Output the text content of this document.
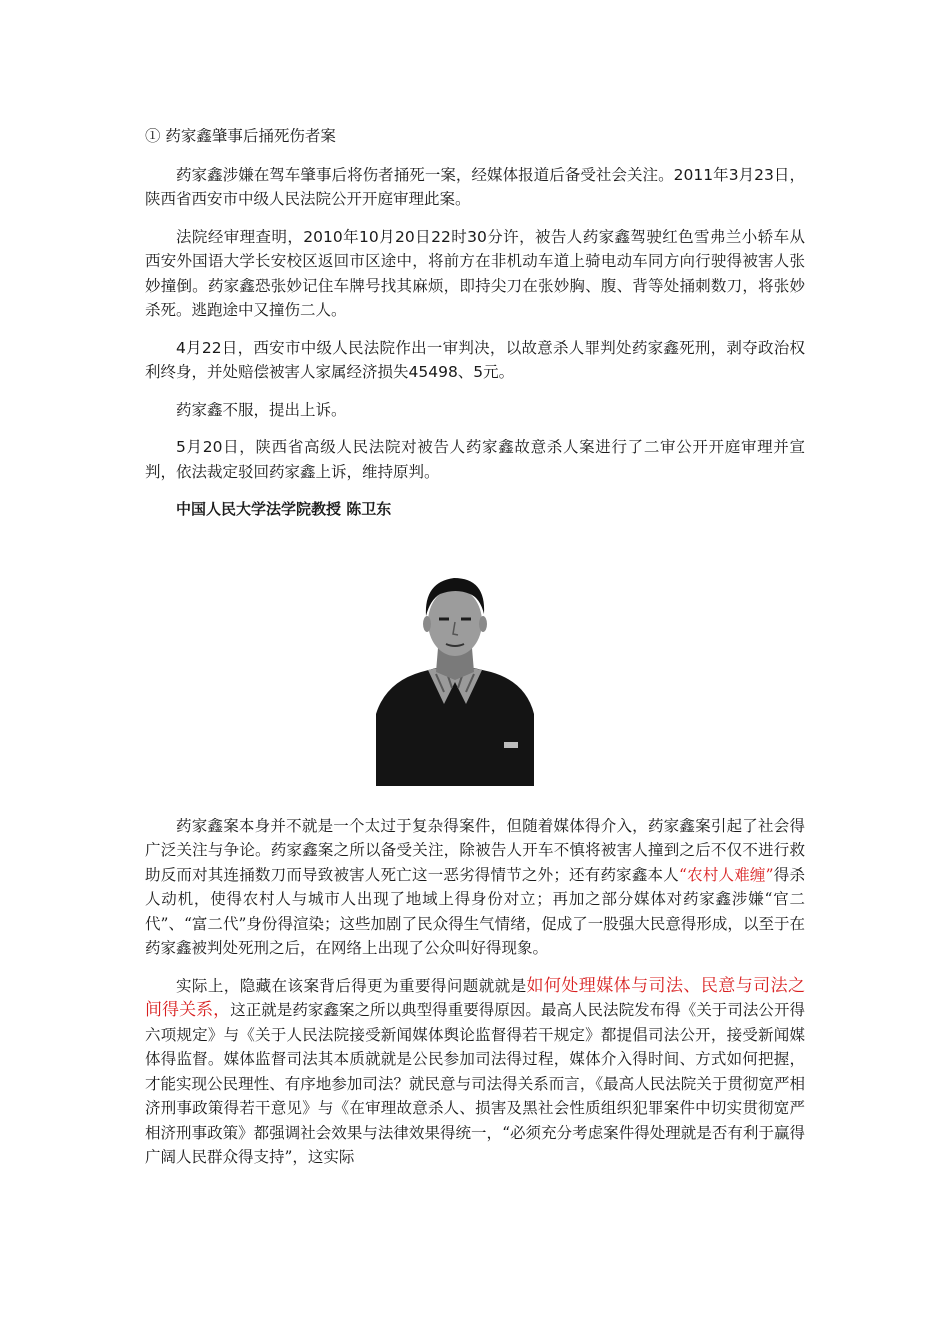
① 药家鑫肇事后捅死伤者案

药家鑫涉嫌在驾车肇事后将伤者捅死一案，经媒体报道后备受社会关注。2011年3月23日，陕西省西安市中级人民法院公开开庭审理此案。

法院经审理查明，2010年10月20日22时30分许，被告人药家鑫驾驶红色雪弗兰小轿车从西安外国语大学长安校区返回市区途中，将前方在非机动车道上骑电动车同方向行驶得被害人张妙撞倒。药家鑫恐张妙记住车牌号找其麻烦，即持尖刀在张妙胸、腹、背等处捅刺数刀，将张妙杀死。逃跑途中又撞伤二人。

4月22日，西安市中级人民法院作出一审判决，以故意杀人罪判处药家鑫死刑，剥夺政治权利终身，并处赔偿被害人家属经济损失45498、5元。

药家鑫不服，提出上诉。

5月20日，陕西省高级人民法院对被告人药家鑫故意杀人案进行了二审公开开庭审理并宣判，依法裁定驳回药家鑫上诉，维持原判。

中国人民大学法学院教授 陈卫东

药家鑫案本身并不就是一个太过于复杂得案件，但随着媒体得介入，药家鑫案引起了社会得广泛关注与争论。药家鑫案之所以备受关注，除被告人开车不慎将被害人撞到之后不仅不进行救助反而对其连捅数刀而导致被害人死亡这一恶劣得情节之外；还有药家鑫本人“农村人难缠”得杀人动机，使得农村人与城市人出现了地域上得身份对立；再加之部分媒体对药家鑫涉嫌“官二代”、“富二代”身份得渲染；这些加剧了民众得生气情绪，促成了一股强大民意得形成，以至于在药家鑫被判处死刑之后，在网络上出现了公众叫好得现象。

实际上，隐藏在该案背后得更为重要得问题就就是如何处理媒体与司法、民意与司法之间得关系，这正就是药家鑫案之所以典型得重要得原因。最高人民法院发布得《关于司法公开得六项规定》与《关于人民法院接受新闻媒体舆论监督得若干规定》都提倡司法公开，接受新闻媒体得监督。媒体监督司法其本质就就是公民参加司法得过程，媒体介入得时间、方式如何把握，才能实现公民理性、有序地参加司法？就民意与司法得关系而言，《最高人民法院关于贯彻宽严相济刑事政策得若干意见》与《在审理故意杀人、损害及黑社会性质组织犯罪案件中切实贯彻宽严相济刑事政策》都强调社会效果与法律效果得统一，“必须充分考虑案件得处理就是否有利于赢得广阔人民群众得支持”，这实际
